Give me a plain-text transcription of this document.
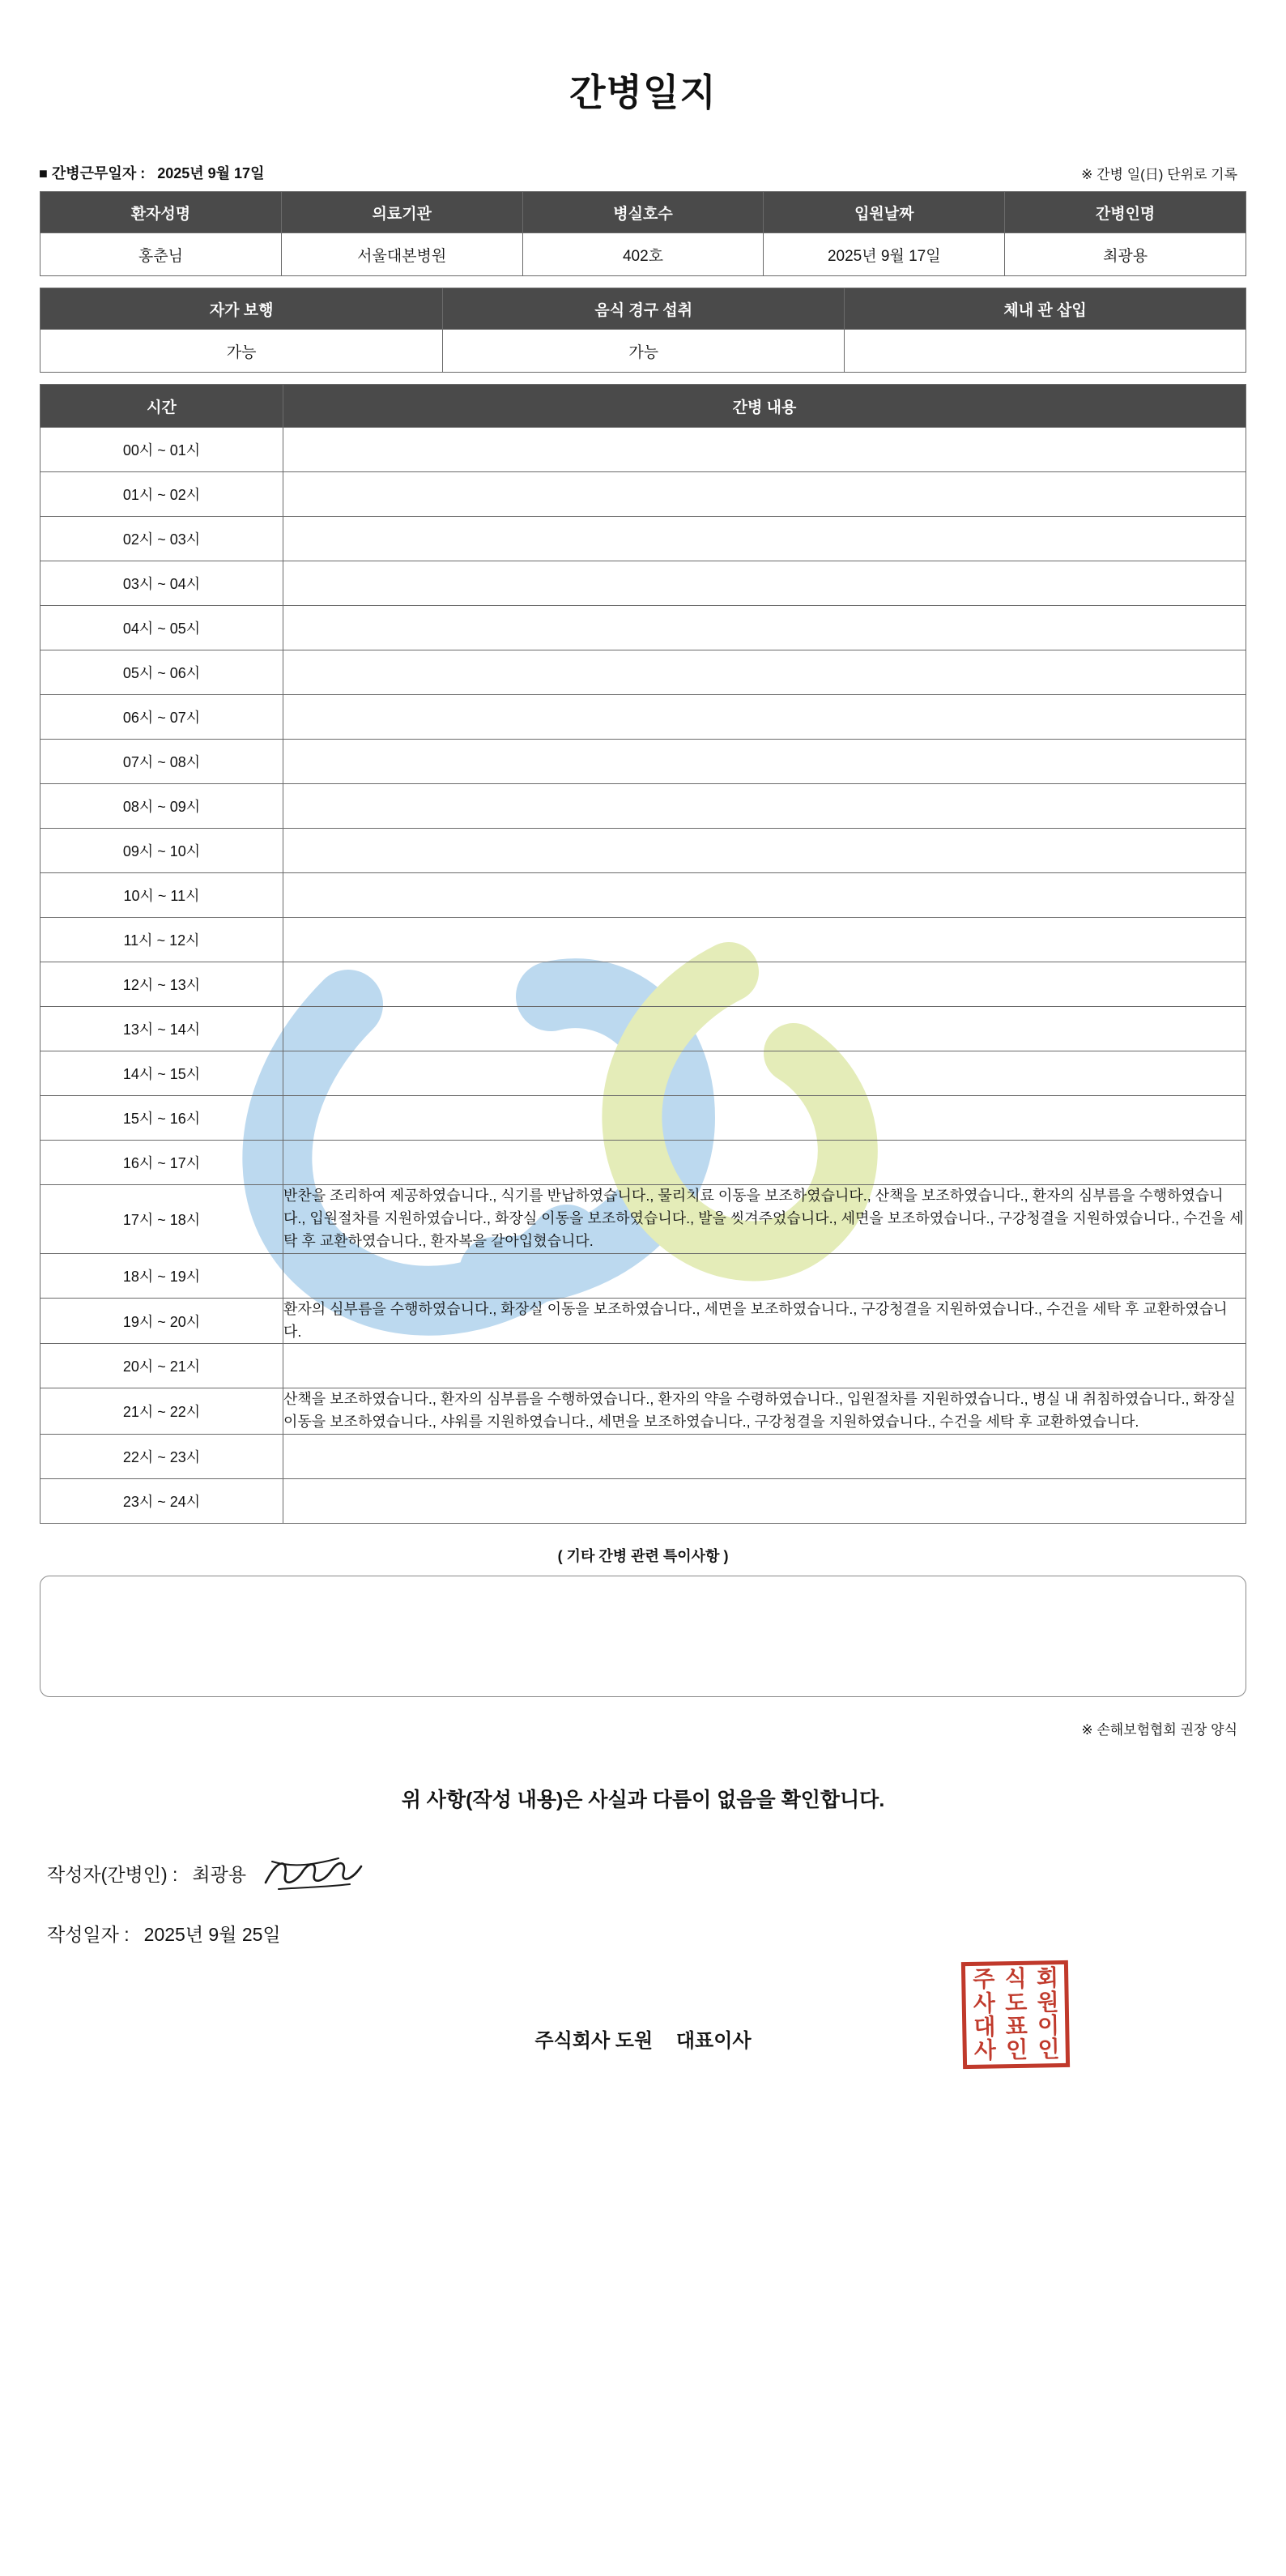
간병일지
■ 간병근무일자 : 2025년 9월 17일	※ 간병 일(日) 단위로 기록
환자성명	의료기관	병실호수	입원날짜	간병인명
홍춘님	서울대본병원	402호	2025년 9월 17일	최광용
자가 보행	음식 경구 섭취	체내 관 삽입
가능	가능	
시간	간병 내용
00시 ~ 01시	
01시 ~ 02시	
02시 ~ 03시	
03시 ~ 04시	
04시 ~ 05시	
05시 ~ 06시	
06시 ~ 07시	
07시 ~ 08시	
08시 ~ 09시	
09시 ~ 10시	
10시 ~ 11시	
11시 ~ 12시	
12시 ~ 13시	
13시 ~ 14시	
14시 ~ 15시	
15시 ~ 16시	
16시 ~ 17시	
17시 ~ 18시	반찬을 조리하여 제공하였습니다., 식기를 반납하였습니다., 물리치료 이동을 보조하였습니다., 산책을 보조하였습니다., 환자의 심부름을 수행하였습니다., 입원절차를 지원하였습니다., 화장실 이동을 보조하였습니다., 발을 씻겨주었습니다., 세면을 보조하였습니다., 구강청결을 지원하였습니다., 수건을 세탁 후 교환하였습니다., 환자복을 갈아입혔습니다.
18시 ~ 19시	
19시 ~ 20시	환자의 심부름을 수행하였습니다., 화장실 이동을 보조하였습니다., 세면을 보조하였습니다., 구강청결을 지원하였습니다., 수건을 세탁 후 교환하였습니다.
20시 ~ 21시	
21시 ~ 22시	산책을 보조하였습니다., 환자의 심부름을 수행하였습니다., 환자의 약을 수령하였습니다., 입원절차를 지원하였습니다., 병실 내 취침하였습니다., 화장실 이동을 보조하였습니다., 샤워를 지원하였습니다., 세면을 보조하였습니다., 구강청결을 지원하였습니다., 수건을 세탁 후 교환하였습니다.
22시 ~ 23시	
23시 ~ 24시	
( 기타 간병 관련 특이사항 )
※ 손해보험협회 권장 양식
위 사항(작성 내용)은 사실과 다름이 없음을 확인합니다.
작성자(간병인) : 최광용
작성일자 : 2025년 9월 25일
주식회사 도원 대표이사
주 식 회
사 도 원
대 표 이
사 인 인
